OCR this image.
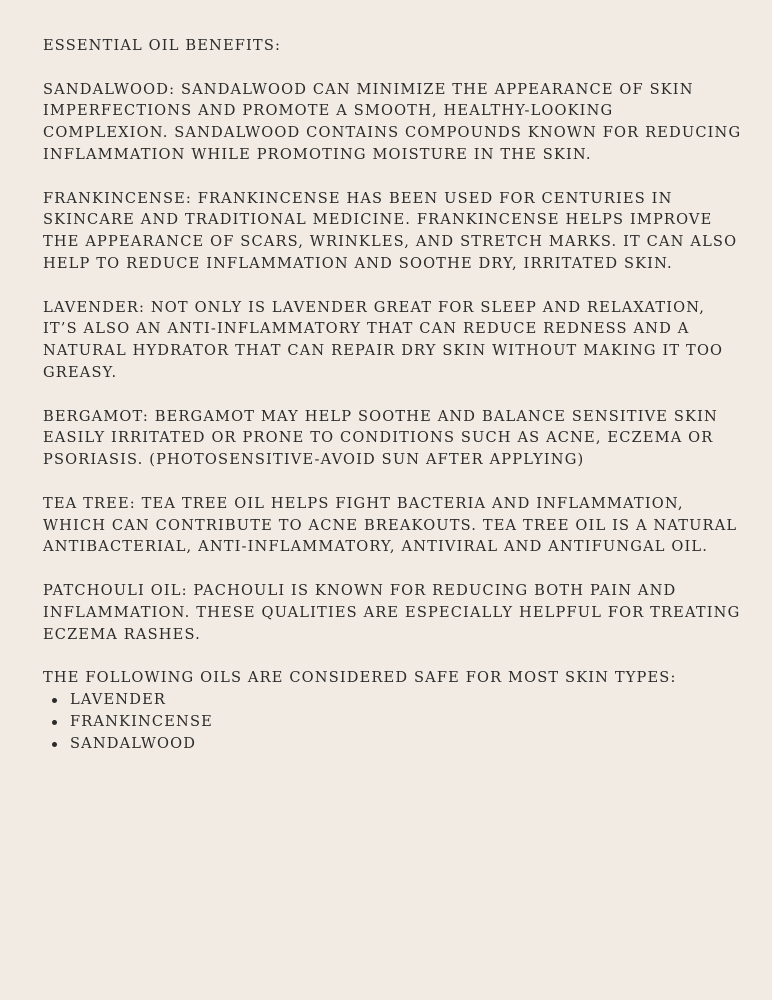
ESSENTIAL OIL BENEFITS:

SANDALWOOD: SANDALWOOD CAN MINIMIZE THE APPEARANCE OF SKIN IMPERFECTIONS AND PROMOTE A SMOOTH, HEALTHY-LOOKING COMPLEXION. SANDALWOOD CONTAINS COMPOUNDS KNOWN FOR REDUCING INFLAMMATION WHILE PROMOTING MOISTURE IN THE SKIN.

FRANKINCENSE: FRANKINCENSE HAS BEEN USED FOR CENTURIES IN SKINCARE AND TRADITIONAL MEDICINE. FRANKINCENSE HELPS IMPROVE THE APPEARANCE OF SCARS, WRINKLES, AND STRETCH MARKS. IT CAN ALSO HELP TO REDUCE INFLAMMATION AND SOOTHE DRY, IRRITATED SKIN.

LAVENDER: NOT ONLY IS LAVENDER GREAT FOR SLEEP AND RELAXATION, IT’S ALSO AN ANTI-INFLAMMATORY THAT CAN REDUCE REDNESS AND A NATURAL HYDRATOR THAT CAN REPAIR DRY SKIN WITHOUT MAKING IT TOO GREASY.

BERGAMOT: BERGAMOT MAY HELP SOOTHE AND BALANCE SENSITIVE SKIN EASILY IRRITATED OR PRONE TO CONDITIONS SUCH AS ACNE, ECZEMA OR PSORIASIS. (PHOTOSENSITIVE-AVOID SUN AFTER APPLYING)

TEA TREE: TEA TREE OIL HELPS FIGHT BACTERIA AND INFLAMMATION, WHICH CAN CONTRIBUTE TO ACNE BREAKOUTS. TEA TREE OIL IS A NATURAL ANTIBACTERIAL, ANTI-INFLAMMATORY, ANTIVIRAL AND ANTIFUNGAL OIL.

PATCHOULI OIL: PACHOULI IS KNOWN FOR REDUCING BOTH PAIN AND INFLAMMATION. THESE QUALITIES ARE ESPECIALLY HELPFUL FOR TREATING ECZEMA RASHES.

THE FOLLOWING OILS ARE CONSIDERED SAFE FOR MOST SKIN TYPES:

LAVENDER
FRANKINCENSE
SANDALWOOD
